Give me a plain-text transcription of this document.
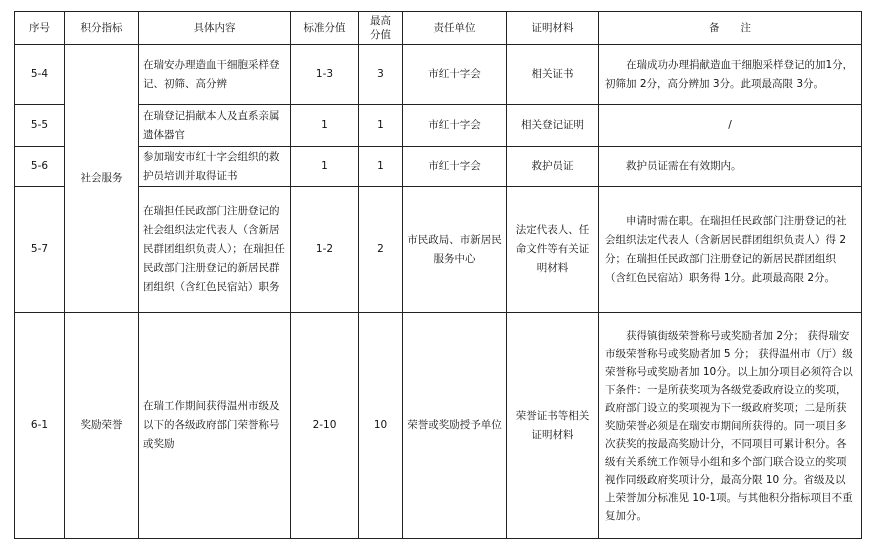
序号	积分指标	具体内容	标准分值	最高分值	责任单位	证明材料	备　　注
5-4	社会服务	在瑞安办理造血干细胞采样登记、初筛、高分辨	1-3	3	市红十字会	相关证书	在瑞成功办理捐献造血干细胞采样登记的加1分，初筛加 2分，高分辨加 3分。此项最高限 3分。
5-5		在瑞登记捐献本人及直系亲属遗体器官	1	1	市红十字会	相关登记证明	/
5-6		参加瑞安市红十字会组织的救护员培训并取得证书	1	1	市红十字会	救护员证	救护员证需在有效期内。
5-7		在瑞担任民政部门注册登记的社会组织法定代表人（含新居民群团组织负责人）；在瑞担任民政部门注册登记的新居民群团组织（含红色民宿站）职务	1-2	2	市民政局、市新居民服务中心	法定代表人、任命文件等有关证明材料	申请时需在职。在瑞担任民政部门注册登记的社会组织法定代表人（含新居民群团组织负责人）得 2分；在瑞担任民政部门注册登记的新居民群团组织（含红色民宿站）职务得 1分。此项最高限 2分。
6-1	奖励荣誉	在瑞工作期间获得温州市级及以下的各级政府部门荣誉称号或奖励	2-10	10	荣誉或奖励授予单位	荣誉证书等相关证明材料	获得镇街级荣誉称号或奖励者加 2分； 获得瑞安市级荣誉称号或奖励者加 5 分； 获得温州市（厅）级荣誉称号或奖励者加 10分。以上加分项目必须符合以下条件：一是所获奖项为各级党委政府设立的奖项，政府部门设立的奖项视为下一级政府奖项；二是所获奖励荣誉必须是在瑞安市期间所获得的。同一项目多次获奖的按最高奖励计分，不同项目可累计积分。各级有关系统工作领导小组和多个部门联合设立的奖项视作同级政府奖项计分，最高分限 10 分。省级及以上荣誉加分标准见 10-1项。与其他积分指标项目不重复加分。
